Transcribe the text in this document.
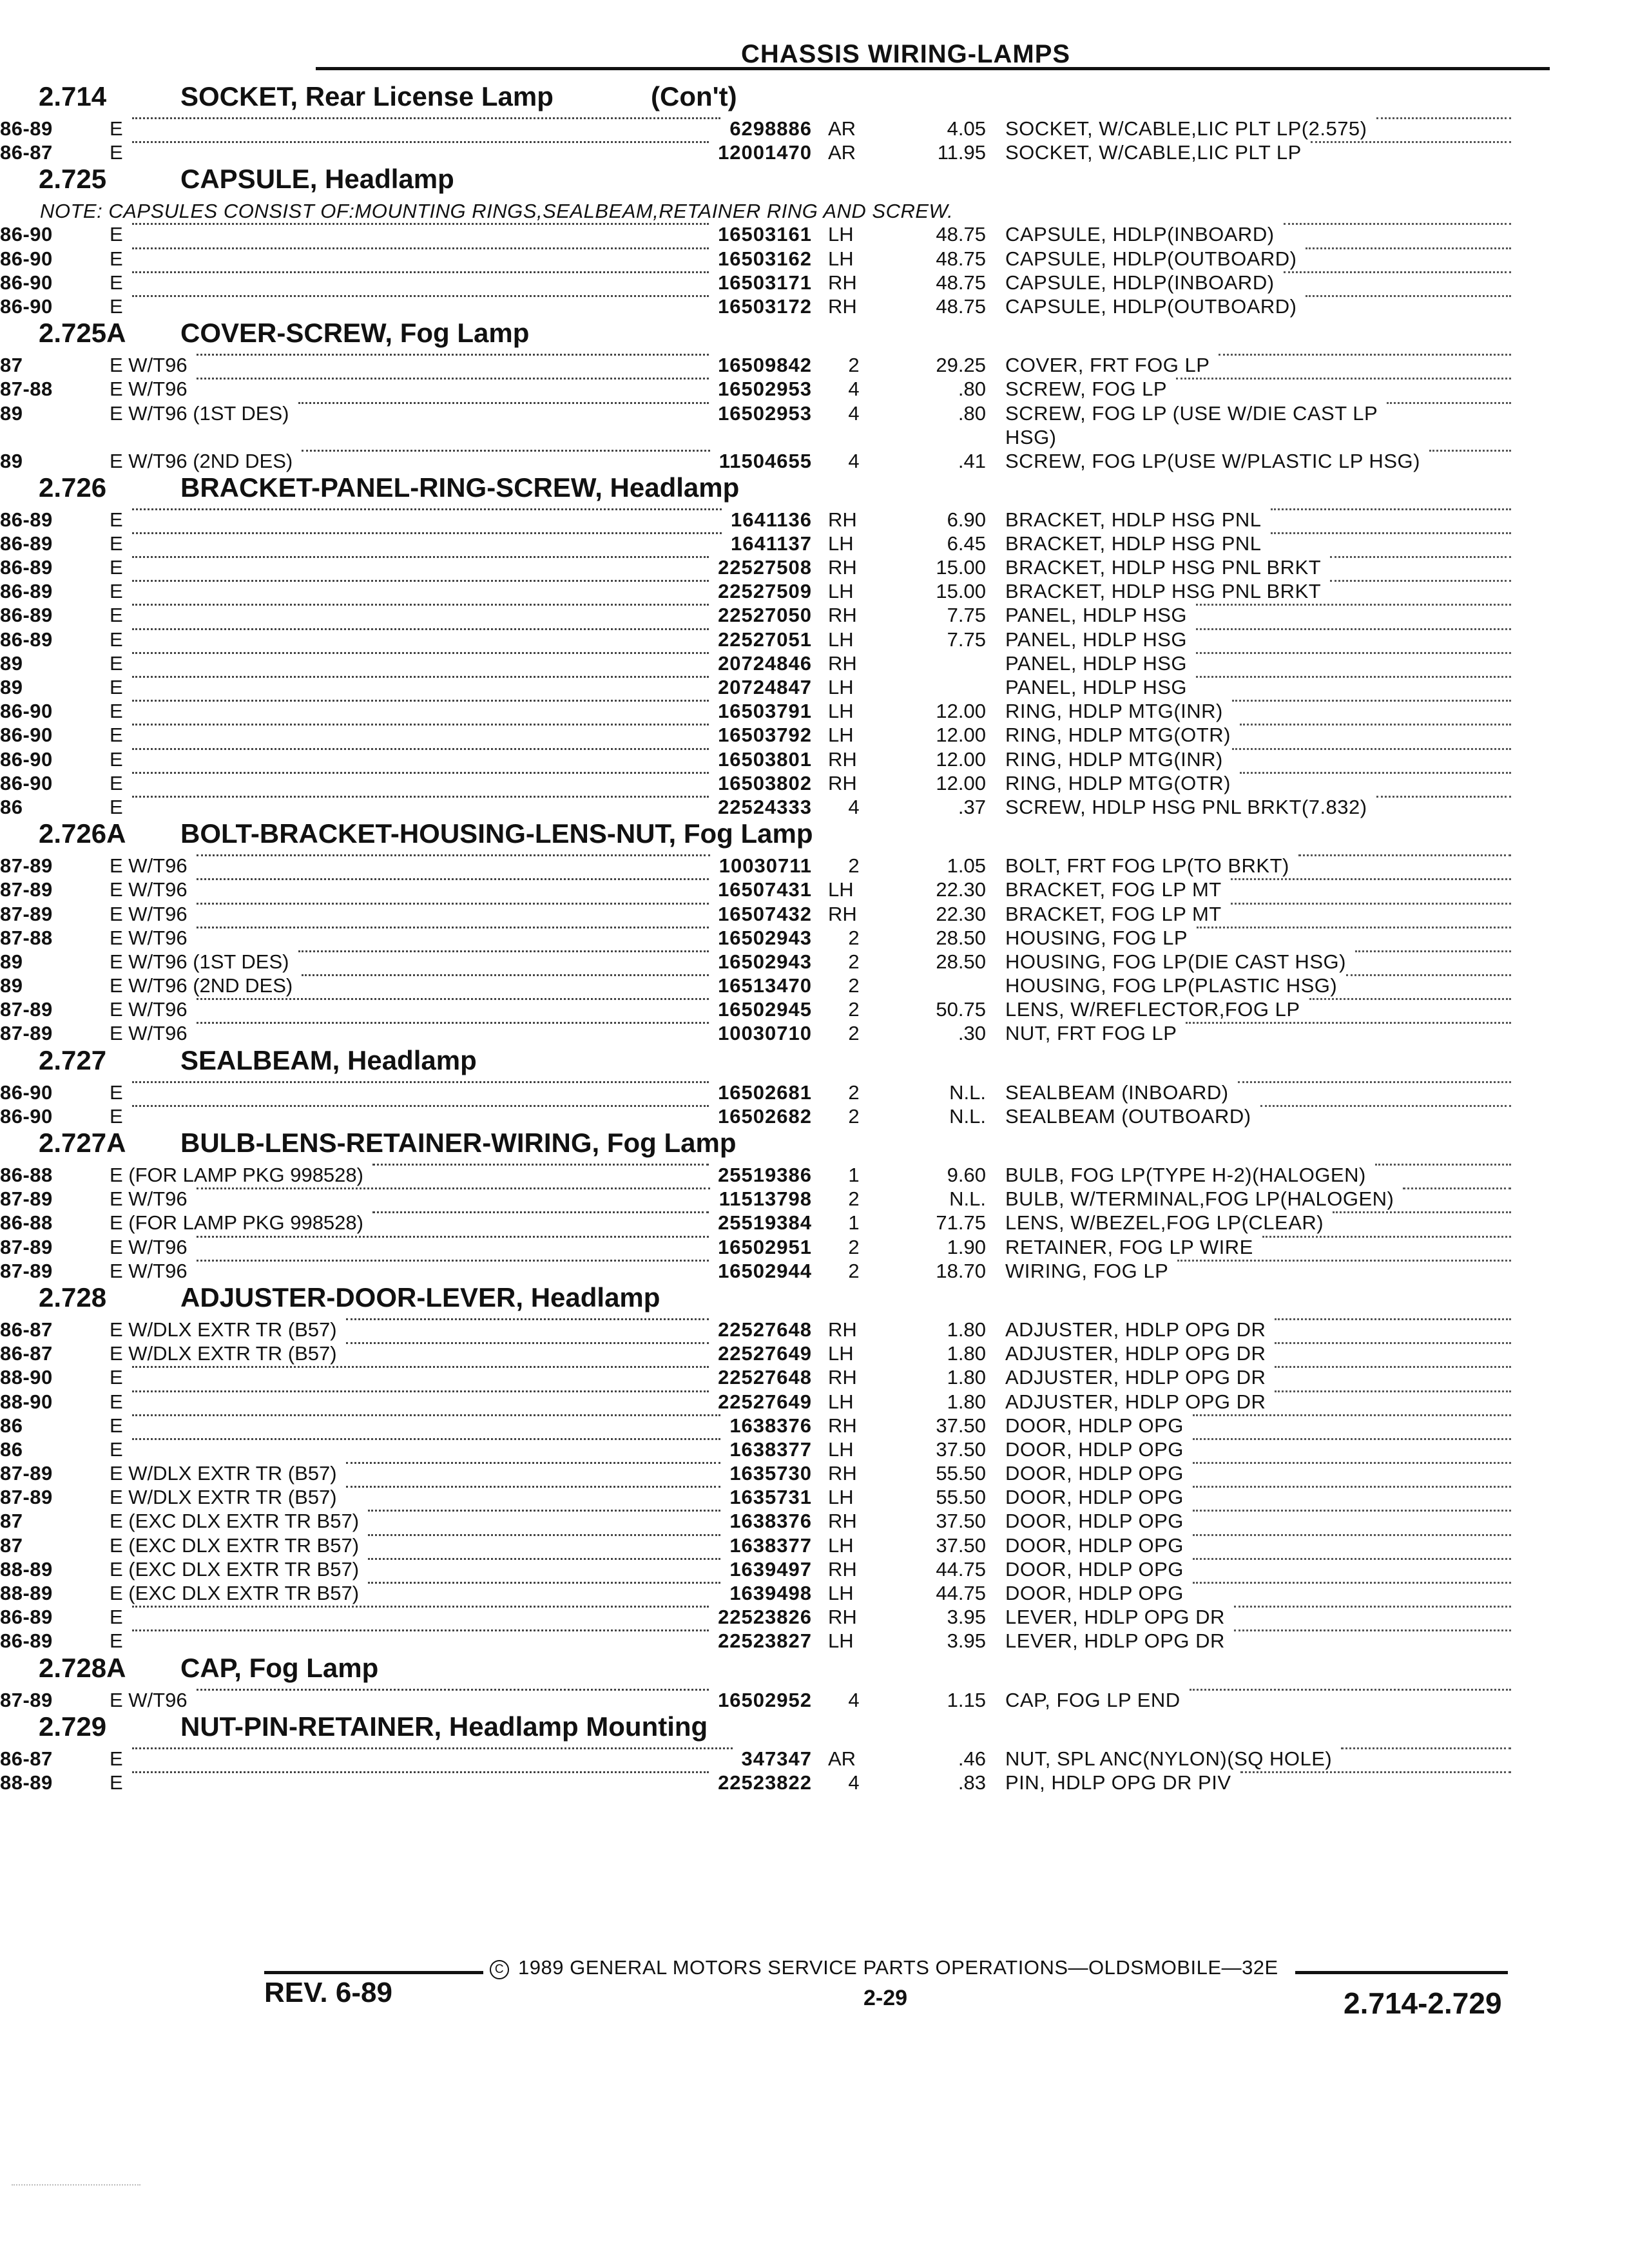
CHASSIS WIRING-LAMPS
2.714	SOCKET, Rear License Lamp	(Con't)
86-89	E	6298886 AR	4.05 SOCKET, W/CABLE,LIC PLT LP(2.575)
86-87	E	12001470 AR	11.95 SOCKET, W/CABLE,LIC PLT LP
2.725	CAPSULE, Headlamp
NOTE: CAPSULES CONSIST OF:MOUNTING RINGS,SEALBEAM,RETAINER RING AND SCREW.
86-90	E	16503161 LH	48.75 CAPSULE, HDLP(INBOARD)
86-90	E	16503162 LH	48.75 CAPSULE, HDLP(OUTBOARD)
86-90	E	16503171 RH	48.75 CAPSULE, HDLP(INBOARD)
86-90	E	16503172 RH	48.75 CAPSULE, HDLP(OUTBOARD)
2.725A COVER-SCREW, Fog Lamp
87	E W/T96	16509842	2	29.25 COVER, FRT FOG LP
87-88	E W/T96	16502953	4	.80 SCREW, FOG LP
89	E W/T96 (1ST DES)	16502953	4	.80 SCREW, FOG LP (USE W/DIE CAST LP
HSG)
89	E W/T96 (2ND DES)	11504655	4	.41 SCREW, FOG LP(USE W/PLASTIC LP HSG)
2.726	BRACKET-PANEL-RING-SCREW, Headlamp
86-89	E	1641136 RH	6.90 BRACKET, HDLP HSG PNL
86-89	E	1641137 LH	6.45 BRACKET, HDLP HSG PNL
86-89	E	22527508 RH	15.00 BRACKET, HDLP HSG PNL BRKT
86-89	E	22527509 LH	15.00 BRACKET, HDLP HSG PNL BRKT
86-89	E	22527050 RH	7.75 PANEL, HDLP HSG
86-89	E	22527051 LH	7.75 PANEL, HDLP HSG
89	E	20724846 RH	PANEL, HDLP HSG
89	E	20724847 LH	PANEL, HDLP HSG
86-90	E	16503791 LH	12.00 RING, HDLP MTG(INR)
86-90	E	16503792 LH	12.00 RING, HDLP MTG(OTR)
86-90	E	16503801 RH	12.00 RING, HDLP MTG(INR)
86-90	E	16503802 RH	12.00 RING, HDLP MTG(OTR)
86	E	22524333	4	.37 SCREW, HDLP HSG PNL BRKT(7.832)
2.726A BOLT-BRACKET-HOUSING-LENS-NUT, Fog Lamp
87-89	E W/T96	10030711	2	1.05 BOLT, FRT FOG LP(TO BRKT)
87-89	E W/T96	16507431 LH	22.30 BRACKET, FOG LP MT
87-89	E W/T96	16507432 RH	22.30 BRACKET, FOG LP MT
87-88	E W/T96	16502943	2	28.50 HOUSING, FOG LP
89	E W/T96 (1ST DES)	16502943	2	28.50 HOUSING, FOG LP(DIE CAST HSG)
89	E W/T96 (2ND DES)	16513470	2	HOUSING, FOG LP(PLASTIC HSG)
87-89	E W/T96	16502945	2	50.75 LENS, W/REFLECTOR,FOG LP
87-89	E W/T96	10030710	2	.30 NUT, FRT FOG LP
2.727	SEALBEAM, Headlamp
86-90	E	16502681	2	N.L. SEALBEAM (INBOARD)
86-90	E	16502682	2	N.L. SEALBEAM (OUTBOARD)
2.727A BULB-LENS-RETAINER-WIRING, Fog Lamp
86-88	E (FOR LAMP PKG 998528)	25519386	1	9.60 BULB, FOG LP(TYPE H-2)(HALOGEN)
87-89	E W/T96	11513798	2	N.L. BULB, W/TERMINAL,FOG LP(HALOGEN)
86-88	E (FOR LAMP PKG 998528)	25519384	1	71.75 LENS, W/BEZEL,FOG LP(CLEAR)
87-89	E W/T96	16502951	2	1.90 RETAINER, FOG LP WIRE
87-89	E W/T96	16502944	2	18.70 WIRING, FOG LP
2.728	ADJUSTER-DOOR-LEVER, Headlamp
86-87	E W/DLX EXTR TR (B57)	22527648 RH	1.80 ADJUSTER, HDLP OPG DR
86-87	E W/DLX EXTR TR (B57)	22527649 LH	1.80 ADJUSTER, HDLP OPG DR
88-90	E	22527648 RH	1.80 ADJUSTER, HDLP OPG DR
88-90	E	22527649 LH	1.80 ADJUSTER, HDLP OPG DR
86	E	1638376 RH	37.50 DOOR, HDLP OPG
86	E	1638377 LH	37.50 DOOR, HDLP OPG
87-89	E W/DLX EXTR TR (B57)	1635730 RH	55.50 DOOR, HDLP OPG
87-89	E W/DLX EXTR TR (B57)	1635731 LH	55.50 DOOR, HDLP OPG
87	E (EXC DLX EXTR TR B57)	1638376 RH	37.50 DOOR, HDLP OPG
87	E (EXC DLX EXTR TR B57)	1638377 LH	37.50 DOOR, HDLP OPG
88-89	E (EXC DLX EXTR TR B57)	1639497 RH	44.75 DOOR, HDLP OPG
88-89	E (EXC DLX EXTR TR B57)	1639498 LH	44.75 DOOR, HDLP OPG
86-89	E	22523826 RH	3.95 LEVER, HDLP OPG DR
86-89	E	22523827 LH	3.95 LEVER, HDLP OPG DR
2.728A CAP, Fog Lamp
87-89	E W/T96	16502952	4	1.15 CAP, FOG LP END
2.729	NUT-PIN-RETAINER, Headlamp Mounting
86-87	E	347347 AR	.46 NUT, SPL ANC(NYLON)(SQ HOLE)
88-89	E	22523822	4	.83 PIN, HDLP OPG DR PIV
REV. 6-89
C 1989 GENERAL MOTORS SERVICE PARTS OPERATIONS—OLDSMOBILE—32E
2-29	2.714-2.729
